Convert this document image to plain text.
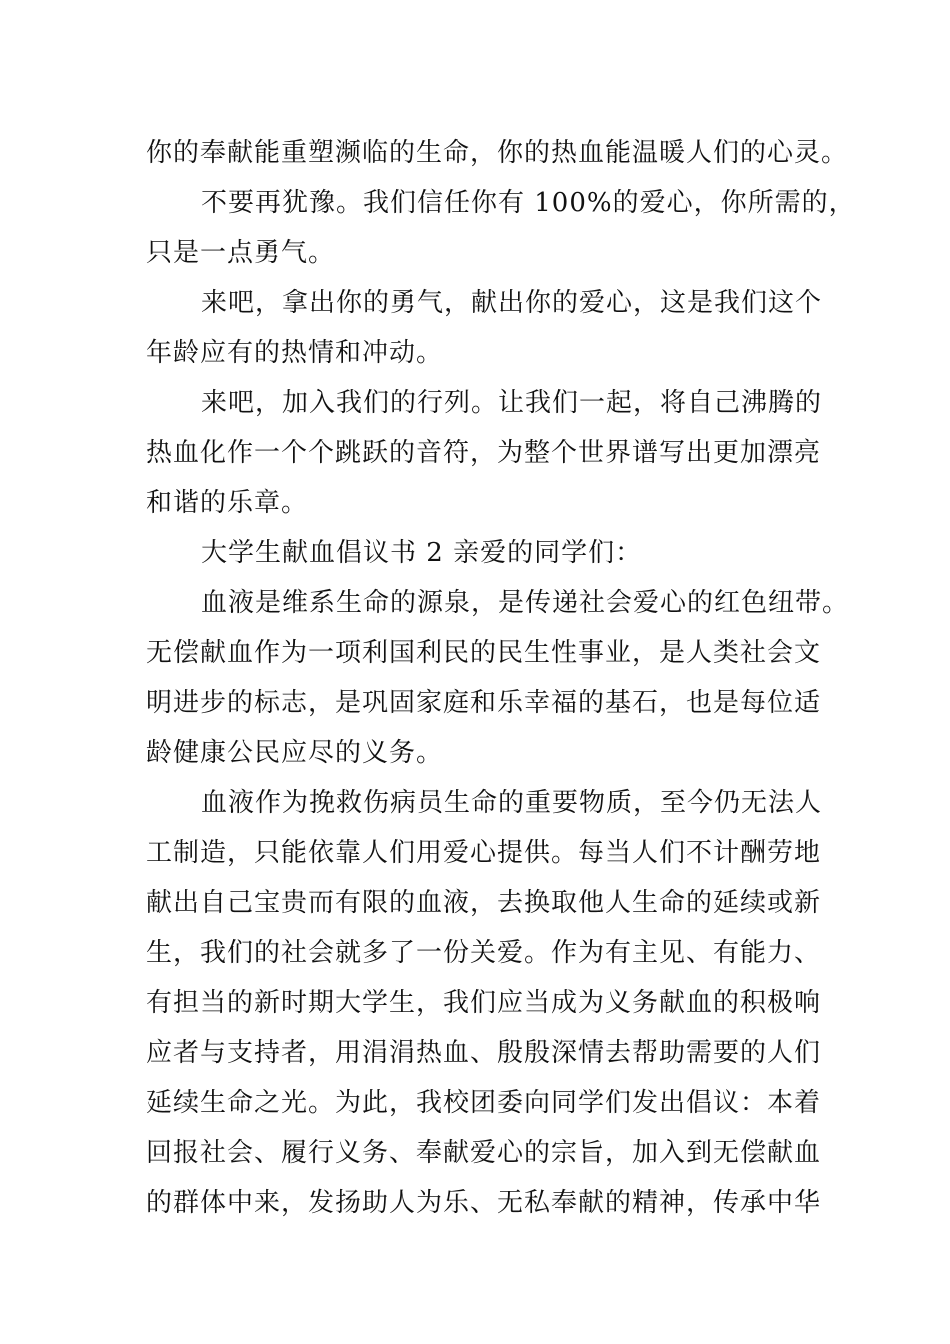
你的奉献能重塑濒临的生命，你的热血能温暖人们的心灵。
不要再犹豫。我们信任你有 100%的爱心，你所需的，
只是一点勇气。
来吧，拿出你的勇气，献出你的爱心，这是我们这个
年龄应有的热情和冲动。
来吧，加入我们的行列。让我们一起，将自己沸腾的
热血化作一个个跳跃的音符，为整个世界谱写出更加漂亮
和谐的乐章。
大学生献血倡议书 2 亲爱的同学们：
血液是维系生命的源泉，是传递社会爱心的红色纽带。
无偿献血作为一项利国利民的民生性事业，是人类社会文
明进步的标志，是巩固家庭和乐幸福的基石，也是每位适
龄健康公民应尽的义务。
血液作为挽救伤病员生命的重要物质，至今仍无法人
工制造，只能依靠人们用爱心提供。每当人们不计酬劳地
献出自己宝贵而有限的血液，去换取他人生命的延续或新
生，我们的社会就多了一份关爱。作为有主见、有能力、
有担当的新时期大学生，我们应当成为义务献血的积极响
应者与支持者，用涓涓热血、殷殷深情去帮助需要的人们
延续生命之光。为此，我校团委向同学们发出倡议：本着
回报社会、履行义务、奉献爱心的宗旨，加入到无偿献血
的群体中来，发扬助人为乐、无私奉献的精神，传承中华
